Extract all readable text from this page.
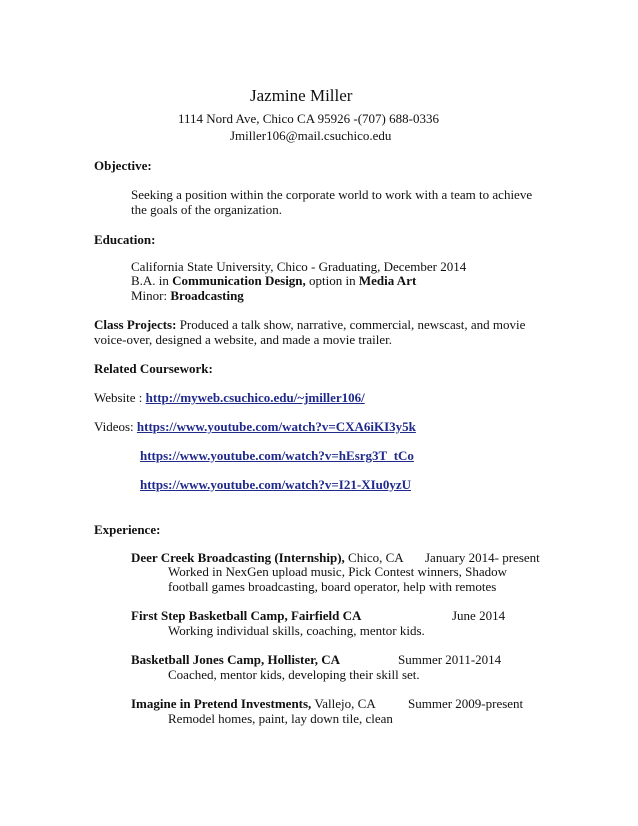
Jazmine Miller
1114 Nord Ave, Chico CA 95926 -(707) 688-0336
Jmiller106@mail.csuchico.edu
Objective:
Seeking a position within the corporate world to work with a team to achieve
the goals of the organization.
Education:
California State University, Chico - Graduating, December 2014
B.A. in Communication Design, option in Media Art
Minor: Broadcasting
Class Projects: Produced a talk show, narrative, commercial, newscast, and movie
voice-over, designed a website, and made a movie trailer.
Related Coursework:
Website : http://myweb.csuchico.edu/~jmiller106/
Videos: https://www.youtube.com/watch?v=CXA6iKI3y5k
https://www.youtube.com/watch?v=hEsrg3T_tCo
https://www.youtube.com/watch?v=I21-XIu0yzU
Experience:
Deer Creek Broadcasting (Internship), Chico, CA January 2014- present
Worked in NexGen upload music, Pick Contest winners, Shadow
football games broadcasting, board operator, help with remotes
First Step Basketball Camp, Fairfield CA	June 2014
Working individual skills, coaching, mentor kids.
Basketball Jones Camp, Hollister, CA	Summer 2011-2014
Coached, mentor kids, developing their skill set.
Imagine in Pretend Investments, Vallejo, CA Summer 2009-present
Remodel homes, paint, lay down tile, clean
